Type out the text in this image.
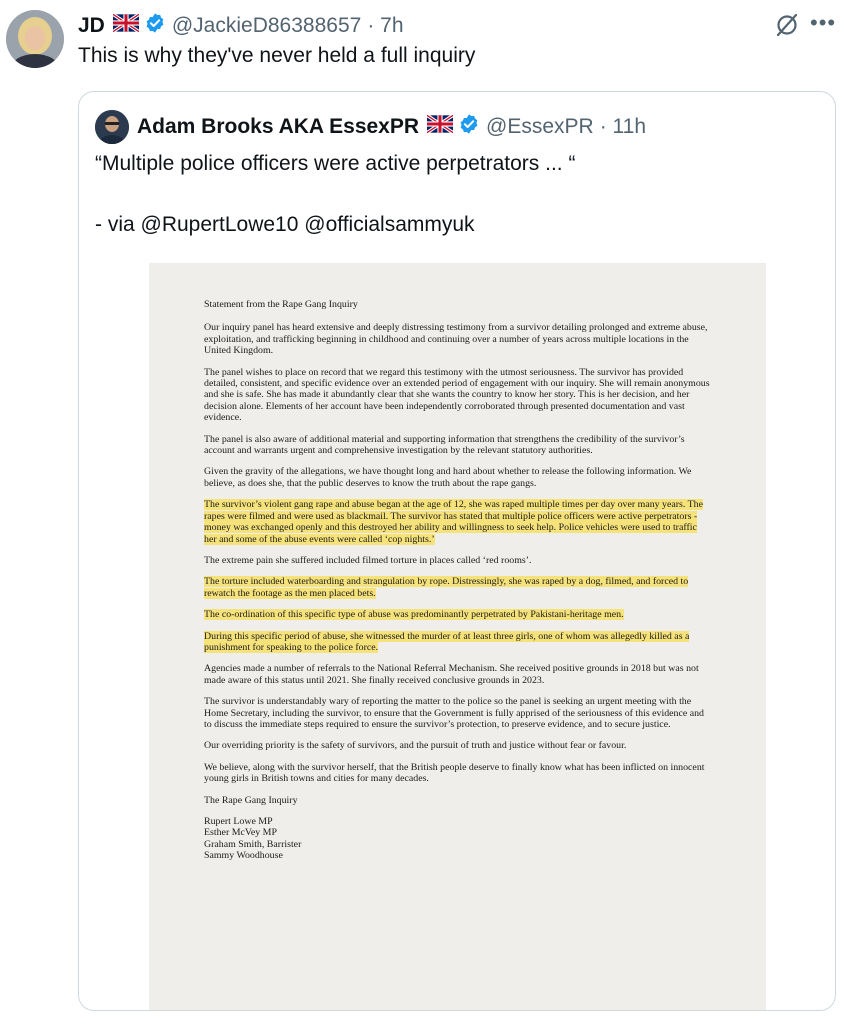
JD	@JackieD86388657 · 7h
This is why they've never held a full inquiry
•••
Adam Brooks AKA EssexPR	@EssexPR · 11h
“Multiple police officers were active perpetrators ... “
- via @RupertLowe10 @officialsammyuk

Statement from the Rape Gang Inquiry

Our inquiry panel has heard extensive and deeply distressing testimony from a survivor detailing prolonged and extreme abuse, exploitation, and trafficking beginning in childhood and continuing over a number of years across multiple locations in the United Kingdom.

The panel wishes to place on record that we regard this testimony with the utmost seriousness. The survivor has provided detailed, consistent, and specific evidence over an extended period of engagement with our inquiry. She will remain anonymous and she is safe. She has made it abundantly clear that she wants the country to know her story. This is her decision, and her decision alone. Elements of her account have been independently corroborated through presented documentation and vast evidence.

The panel is also aware of additional material and supporting information that strengthens the credibility of the survivor’s account and warrants urgent and comprehensive investigation by the relevant statutory authorities.

Given the gravity of the allegations, we have thought long and hard about whether to release the following information. We believe, as does she, that the public deserves to know the truth about the rape gangs.

The survivor’s violent gang rape and abuse began at the age of 12, she was raped multiple times per day over many years. The rapes were filmed and were used as blackmail. The survivor has stated that multiple police officers were active perpetrators - money was exchanged openly and this destroyed her ability and willingness to seek help. Police vehicles were used to traffic her and some of the abuse events were called ‘cop nights.’

The extreme pain she suffered included filmed torture in places called ‘red rooms’.

The torture included waterboarding and strangulation by rope. Distressingly, she was raped by a dog, filmed, and forced to rewatch the footage as the men placed bets.

The co-ordination of this specific type of abuse was predominantly perpetrated by Pakistani-heritage men.

During this specific period of abuse, she witnessed the murder of at least three girls, one of whom was allegedly killed as a punishment for speaking to the police force.

Agencies made a number of referrals to the National Referral Mechanism. She received positive grounds in 2018 but was not made aware of this status until 2021. She finally received conclusive grounds in 2023.

The survivor is understandably wary of reporting the matter to the police so the panel is seeking an urgent meeting with the Home Secretary, including the survivor, to ensure that the Government is fully apprised of the seriousness of this evidence and to discuss the immediate steps required to ensure the survivor’s protection, to preserve evidence, and to secure justice.

Our overriding priority is the safety of survivors, and the pursuit of truth and justice without fear or favour.

We believe, along with the survivor herself, that the British people deserve to finally know what has been inflicted on innocent young girls in British towns and cities for many decades.

The Rape Gang Inquiry

Rupert Lowe MP

Esther McVey MP

Graham Smith, Barrister

Sammy Woodhouse
